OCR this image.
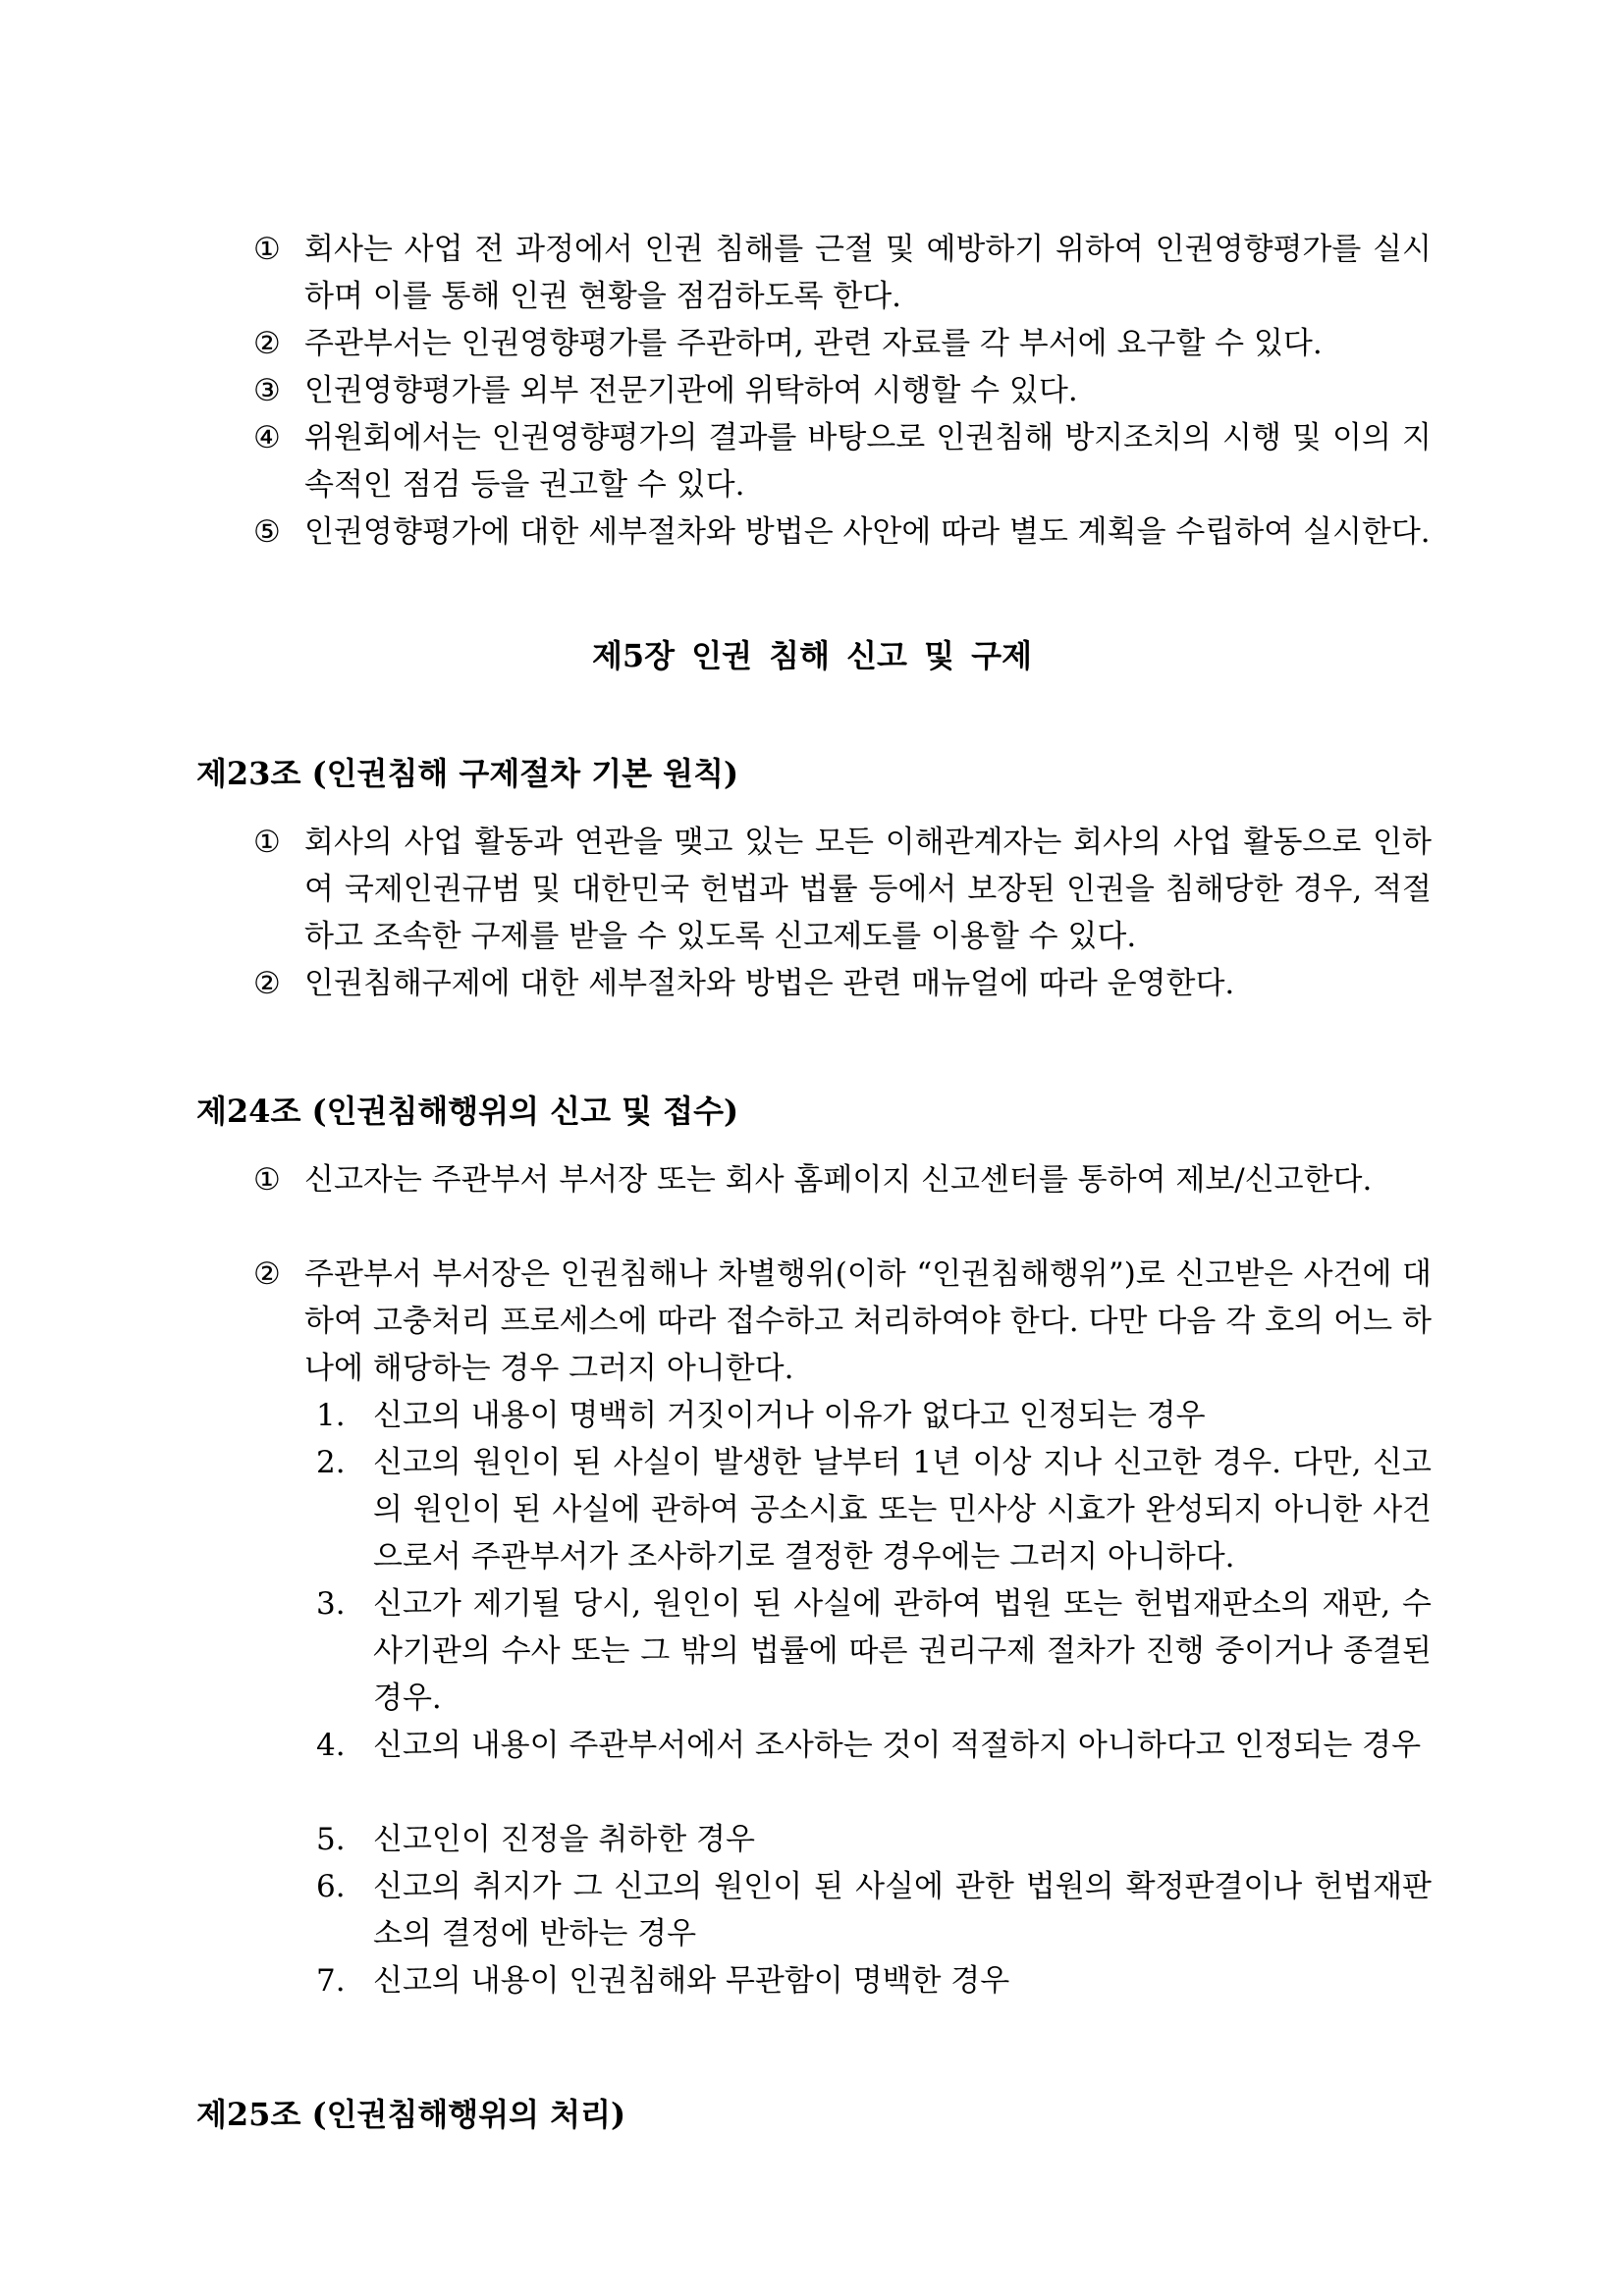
① 회사는 사업 전 과정에서 인권 침해를 근절 및 예방하기 위하여 인권영향평가를 실시하며 이를 통해 인권 현황을 점검하도록 한다.
② 주관부서는 인권영향평가를 주관하며, 관련 자료를 각 부서에 요구할 수 있다.
③ 인권영향평가를 외부 전문기관에 위탁하여 시행할 수 있다.
④ 위원회에서는 인권영향평가의 결과를 바탕으로 인권침해 방지조치의 시행 및 이의 지속적인 점검 등을 권고할 수 있다.
⑤ 인권영향평가에 대한 세부절차와 방법은 사안에 따라 별도 계획을 수립하여 실시한다.
제5장 인권 침해 신고 및 구제
제23조 (인권침해 구제절차 기본 원칙)
① 회사의 사업 활동과 연관을 맺고 있는 모든 이해관계자는 회사의 사업 활동으로 인하여 국제인권규범 및 대한민국 헌법과 법률 등에서 보장된 인권을 침해당한 경우, 적절하고 조속한 구제를 받을 수 있도록 신고제도를 이용할 수 있다.
② 인권침해구제에 대한 세부절차와 방법은 관련 매뉴얼에 따라 운영한다.
제24조 (인권침해행위의 신고 및 접수)
① 신고자는 주관부서 부서장 또는 회사 홈페이지 신고센터를 통하여 제보/신고한다.
② 주관부서 부서장은 인권침해나 차별행위(이하 “인권침해행위”)로 신고받은 사건에 대하여 고충처리 프로세스에 따라 접수하고 처리하여야 한다. 다만 다음 각 호의 어느 하나에 해당하는 경우 그러지 아니한다.
1. 신고의 내용이 명백히 거짓이거나 이유가 없다고 인정되는 경우
2. 신고의 원인이 된 사실이 발생한 날부터 1년 이상 지나 신고한 경우. 다만, 신고의 원인이 된 사실에 관하여 공소시효 또는 민사상 시효가 완성되지 아니한 사건으로서 주관부서가 조사하기로 결정한 경우에는 그러지 아니하다.
3. 신고가 제기될 당시, 원인이 된 사실에 관하여 법원 또는 헌법재판소의 재판, 수사기관의 수사 또는 그 밖의 법률에 따른 권리구제 절차가 진행 중이거나 종결된 경우.
4. 신고의 내용이 주관부서에서 조사하는 것이 적절하지 아니하다고 인정되는 경우
5. 신고인이 진정을 취하한 경우
6. 신고의 취지가 그 신고의 원인이 된 사실에 관한 법원의 확정판결이나 헌법재판소의 결정에 반하는 경우
7. 신고의 내용이 인권침해와 무관함이 명백한 경우
제25조 (인권침해행위의 처리)
